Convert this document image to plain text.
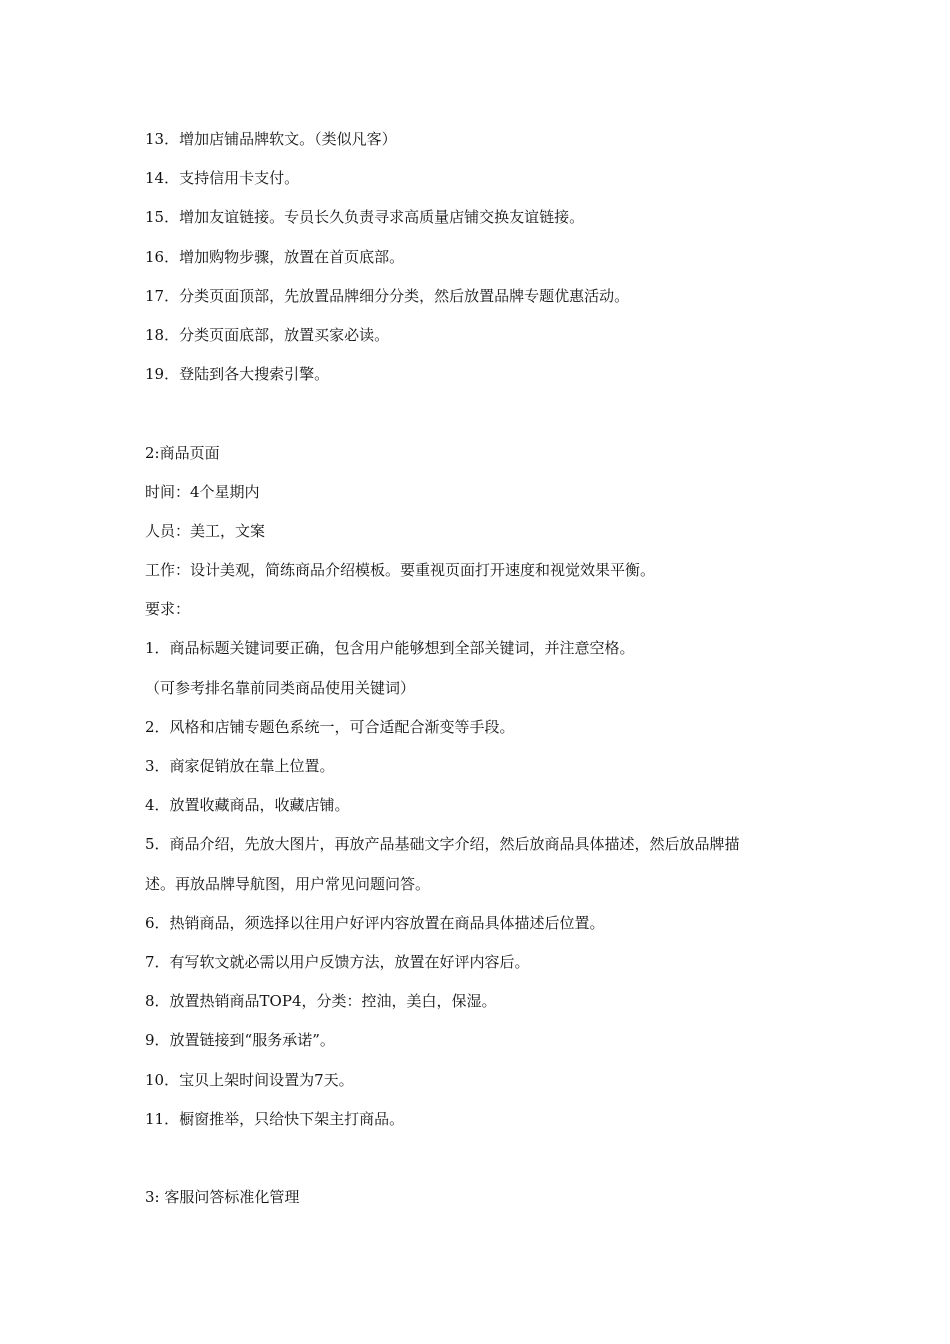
13．增加店铺品牌软文。（类似凡客）
14．支持信用卡支付。
15．增加友谊链接。专员长久负责寻求高质量店铺交换友谊链接。
16．增加购物步骤，放置在首页底部。
17．分类页面顶部，先放置品牌细分分类，然后放置品牌专题优惠活动。
18．分类页面底部，放置买家必读。
19．登陆到各大搜索引擎。
2:商品页面
时间：4个星期内
人员：美工，文案
工作：设计美观，简练商品介绍模板。要重视页面打开速度和视觉效果平衡。
要求：
1．商品标题关键词要正确，包含用户能够想到全部关键词，并注意空格。
（可参考排名靠前同类商品使用关键词）
2．风格和店铺专题色系统一，可合适配合渐变等手段。
3．商家促销放在靠上位置。
4．放置收藏商品，收藏店铺。
5．商品介绍，先放大图片，再放产品基础文字介绍，然后放商品具体描述，然后放品牌描
述。再放品牌导航图，用户常见问题问答。
6．热销商品，须选择以往用户好评内容放置在商品具体描述后位置。
7．有写软文就必需以用户反馈方法，放置在好评内容后。
8．放置热销商品TOP4，分类：控油，美白，保湿。
9．放置链接到“服务承诺”。
10．宝贝上架时间设置为7天。
11．橱窗推举，只给快下架主打商品。
3: 客服问答标准化管理
